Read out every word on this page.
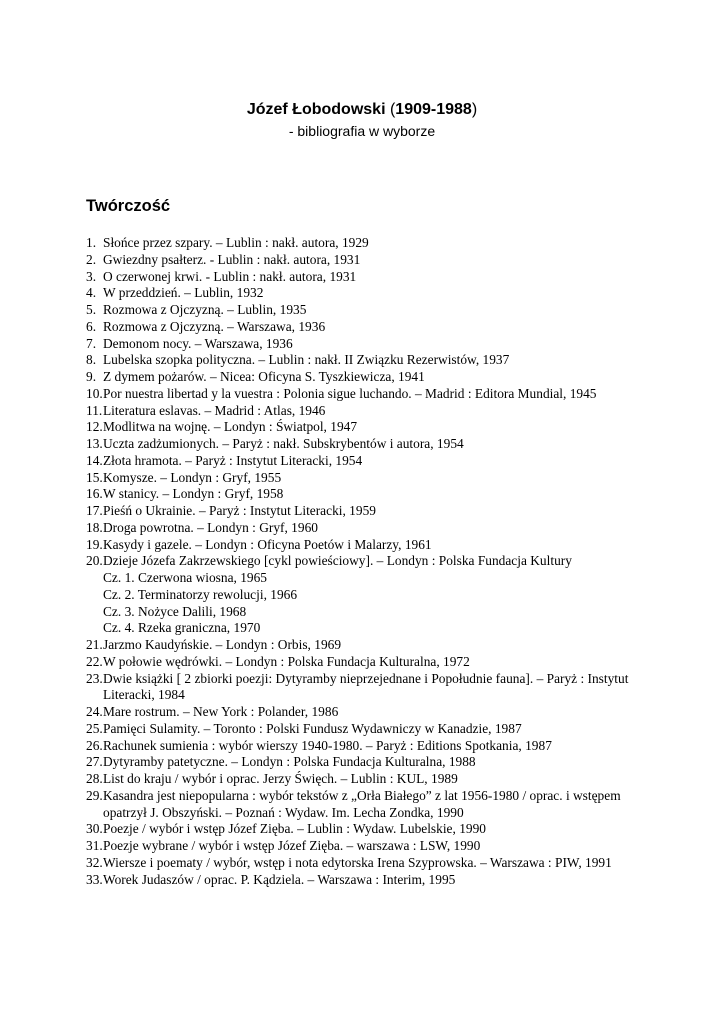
Józef Łobodowski (1909-1988)
- bibliografia w wyborze
Twórczość
1. Słońce przez szpary. – Lublin : nakł. autora, 1929
2. Gwiezdny psałterz. - Lublin : nakł. autora, 1931
3. O czerwonej krwi. - Lublin : nakł. autora, 1931
4. W przeddzień. – Lublin, 1932
5. Rozmowa z Ojczyzną. – Lublin, 1935
6. Rozmowa z Ojczyzną. – Warszawa, 1936
7. Demonom nocy. – Warszawa, 1936
8. Lubelska szopka polityczna. – Lublin : nakł. II Związku Rezerwistów, 1937
9. Z dymem pożarów. – Nicea: Oficyna S. Tyszkiewicza, 1941
10. Por nuestra libertad y la vuestra : Polonia sigue luchando. – Madrid : Editora Mundial, 1945
11. Literatura eslavas. – Madrid : Atlas, 1946
12. Modlitwa na wojnę. – Londyn : Światpol, 1947
13. Uczta zadżumionych. – Paryż : nakł. Subskrybentów i autora, 1954
14. Złota hramota. – Paryż : Instytut Literacki, 1954
15. Komysze. – Londyn : Gryf, 1955
16. W stanicy. – Londyn : Gryf, 1958
17. Pieśń o Ukrainie. – Paryż : Instytut Literacki, 1959
18. Droga powrotna. – Londyn : Gryf, 1960
19. Kasydy i gazele. – Londyn : Oficyna Poetów i Malarzy, 1961
20. Dzieje Józefa Zakrzewskiego [cykl powieściowy]. – Londyn : Polska Fundacja Kultury
Cz. 1. Czerwona wiosna, 1965
Cz. 2. Terminatorzy rewolucji, 1966
Cz. 3. Nożyce Dalili, 1968
Cz. 4. Rzeka graniczna, 1970
21. Jarzmo Kaudyńskie. – Londyn : Orbis, 1969
22. W połowie wędrówki. – Londyn : Polska Fundacja Kulturalna, 1972
23. Dwie książki [ 2 zbiorki poezji: Dytyramby nieprzejednane i Popołudnie fauna]. – Paryż : Instytut Literacki, 1984
24. Mare rostrum. – New York : Polander, 1986
25. Pamięci Sulamity. – Toronto : Polski Fundusz Wydawniczy w Kanadzie, 1987
26. Rachunek sumienia : wybór wierszy 1940-1980. – Paryż : Editions Spotkania, 1987
27. Dytyramby patetyczne. – Londyn : Polska Fundacja Kulturalna, 1988
28. List do kraju / wybór i oprac. Jerzy Święch. – Lublin : KUL, 1989
29. Kasandra jest niepopularna : wybór tekstów z „Orła Białego” z lat 1956-1980 / oprac. i wstępem opatrzył J. Obszyński. – Poznań : Wydaw. Im. Lecha Zondka, 1990
30. Poezje / wybór i wstęp Józef Zięba. – Lublin : Wydaw. Lubelskie, 1990
31. Poezje wybrane / wybór i wstęp Józef Zięba. – warszawa : LSW, 1990
32. Wiersze i poematy / wybór, wstęp i nota edytorska Irena Szyprowska. – Warszawa : PIW, 1991
33. Worek Judaszów / oprac. P. Kądziela. – Warszawa : Interim, 1995
